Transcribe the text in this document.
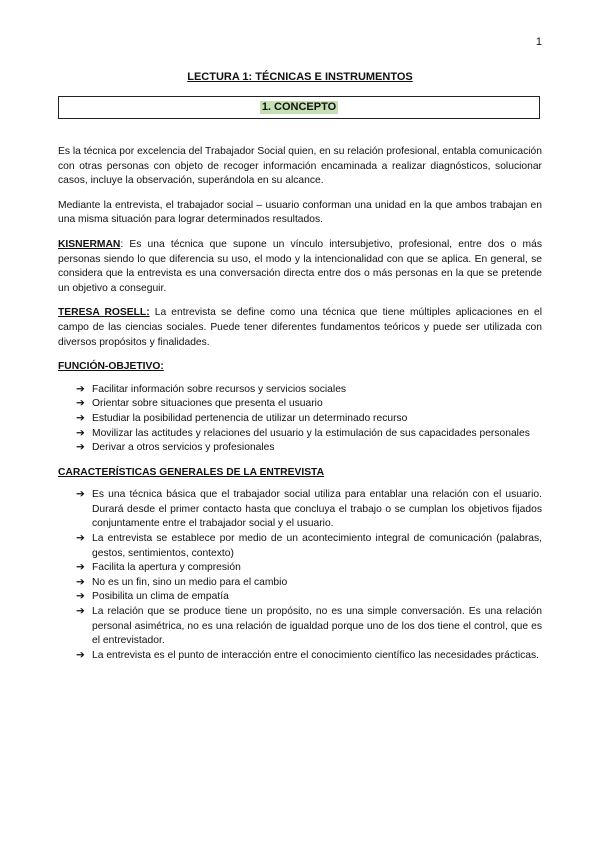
1
LECTURA 1: TÉCNICAS E INSTRUMENTOS
1. CONCEPTO

Es la técnica por excelencia del Trabajador Social quien, en su relación profesional, entabla comunicación con otras personas con objeto de recoger información encaminada a realizar diagnósticos, solucionar casos, incluye la observación, superándola en su alcance.

Mediante la entrevista, el trabajador social – usuario conforman una unidad en la que ambos trabajan en una misma situación para lograr determinados resultados.

KISNERMAN: Es una técnica que supone un vínculo intersubjetivo, profesional, entre dos o más personas siendo lo que diferencia su uso, el modo y la intencionalidad con que se aplica. En general, se considera que la entrevista es una conversación directa entre dos o más personas en la que se pretende un objetivo a conseguir.

TERESA ROSELL: La entrevista se define como una técnica que tiene múltiples aplicaciones en el campo de las ciencias sociales. Puede tener diferentes fundamentos teóricos y puede ser utilizada con diversos propósitos y finalidades.

FUNCIÓN-OBJETIVO:
➔ Facilitar información sobre recursos y servicios sociales
➔ Orientar sobre situaciones que presenta el usuario
➔ Estudiar la posibilidad pertenencia de utilizar un determinado recurso
➔ Movilizar las actitudes y relaciones del usuario y la estimulación de sus capacidades personales
➔ Derivar a otros servicios y profesionales
CARACTERÍSTICAS GENERALES DE LA ENTREVISTA
➔ Es una técnica básica que el trabajador social utiliza para entablar una relación con el usuario. Durará desde el primer contacto hasta que concluya el trabajo o se cumplan los objetivos fijados conjuntamente entre el trabajador social y el usuario.
➔ La entrevista se establece por medio de un acontecimiento integral de comunicación (palabras, gestos, sentimientos, contexto)
➔ Facilita la apertura y compresión
➔ No es un fin, sino un medio para el cambio
➔ Posibilita un clima de empatía
➔ La relación que se produce tiene un propósito, no es una simple conversación. Es una relación personal asimétrica, no es una relación de igualdad porque uno de los dos tiene el control, que es el entrevistador.
➔ La entrevista es el punto de interacción entre el conocimiento científico las necesidades prácticas.
